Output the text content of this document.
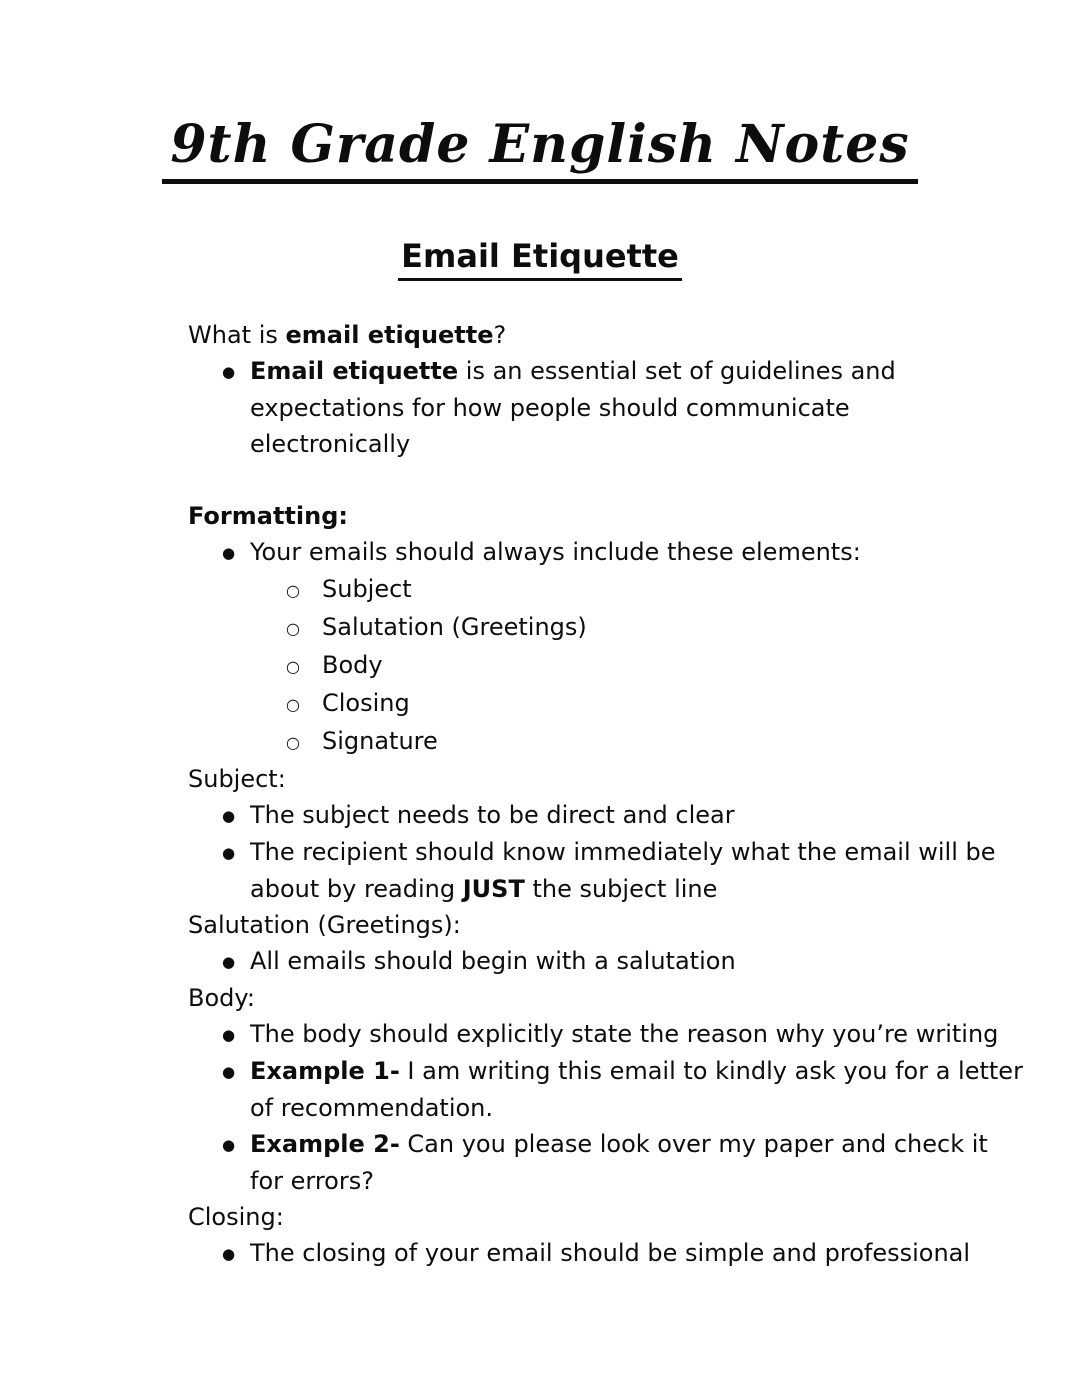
9th Grade English Notes
Email Etiquette
What is email etiquette?
● Email etiquette is an essential set of guidelines and
expectations for how people should communicate
electronically
Formatting:
● Your emails should always include these elements:
○ Subject
○ Salutation (Greetings)
○ Body
○ Closing
○ Signature
Subject:
● The subject needs to be direct and clear
● The recipient should know immediately what the email will be
about by reading JUST the subject line
Salutation (Greetings):
● All emails should begin with a salutation
Body:
● The body should explicitly state the reason why you’re writing
● Example 1- I am writing this email to kindly ask you for a letter
of recommendation.
● Example 2- Can you please look over my paper and check it
for errors?
Closing:
● The closing of your email should be simple and professional
